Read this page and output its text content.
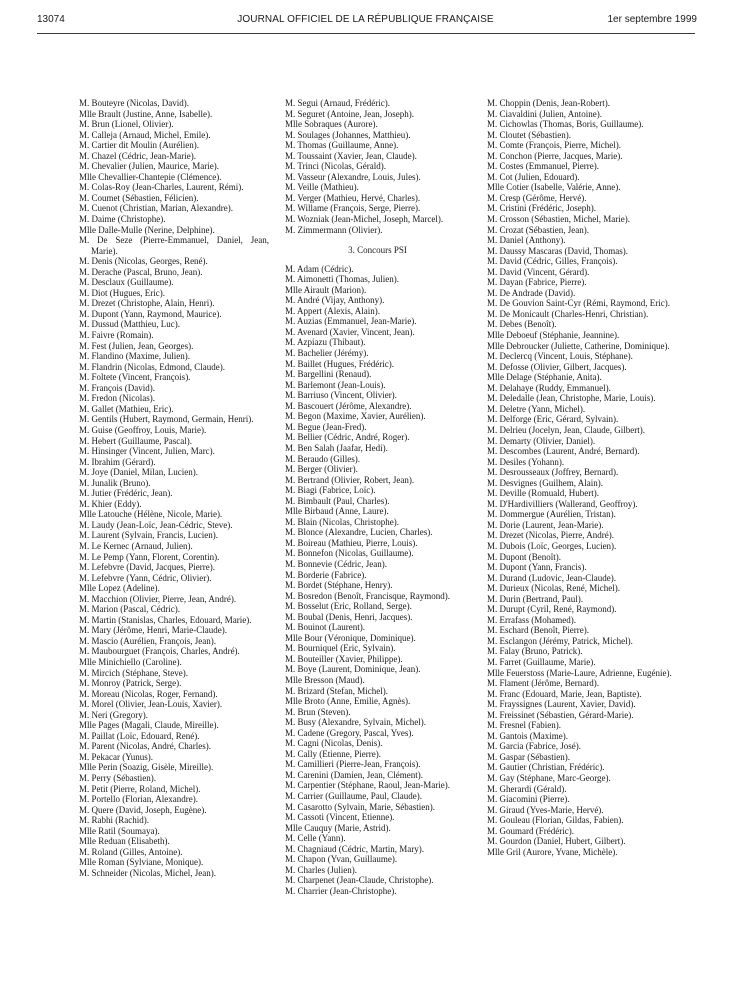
13074	JOURNAL OFFICIEL DE LA RÉPUBLIQUE FRANÇAISE	1er septembre 1999
M. Bouteyre (Nicolas, David).
Mlle Brault (Justine, Anne, Isabelle).
M. Brun (Lionel, Olivier).
M. Calleja (Arnaud, Michel, Emile).
M. Cartier dit Moulin (Aurélien).
M. Chazel (Cédric, Jean-Marie).
M. Chevalier (Julien, Maurice, Marie).
Mlle Chevallier-Chantepie (Clémence).
M. Colas-Roy (Jean-Charles, Laurent, Rémi).
M. Coumet (Sébastien, Félicien).
M. Cuenot (Christian, Marian, Alexandre).
M. Daime (Christophe).
Mlle Dalle-Mulle (Nerine, Delphine).
M. De Seze (Pierre-Emmanuel, Daniel, Jean, Marie).
M. Denis (Nicolas, Georges, René).
M. Derache (Pascal, Bruno, Jean).
M. Desclaux (Guillaume).
M. Diot (Hugues, Eric).
M. Drezet (Christophe, Alain, Henri).
M. Dupont (Yann, Raymond, Maurice).
M. Dussud (Matthieu, Luc).
M. Faivre (Romain).
M. Fest (Julien, Jean, Georges).
M. Flandino (Maxime, Julien).
M. Flandrin (Nicolas, Edmond, Claude).
M. Foltete (Vincent, François).
M. François (David).
M. Fredon (Nicolas).
M. Gallet (Mathieu, Eric).
M. Gentils (Hubert, Raymond, Germain, Henri).
M. Guise (Geoffroy, Louis, Marie).
M. Hebert (Guillaume, Pascal).
M. Hinsinger (Vincent, Julien, Marc).
M. Ibrahim (Gérard).
M. Joye (Daniel, Milan, Lucien).
M. Junalik (Bruno).
M. Jutier (Frédéric, Jean).
M. Khier (Eddy).
Mlle Latouche (Hélène, Nicole, Marie).
M. Laudy (Jean-Loïc, Jean-Cédric, Steve).
M. Laurent (Sylvain, Francis, Lucien).
M. Le Kernec (Arnaud, Julien).
M. Le Pemp (Yann, Florent, Corentin).
M. Lefebvre (David, Jacques, Pierre).
M. Lefebvre (Yann, Cédric, Olivier).
Mlle Lopez (Adeline).
M. Macchion (Olivier, Pierre, Jean, André).
M. Marion (Pascal, Cédric).
M. Martin (Stanislas, Charles, Edouard, Marie).
M. Mary (Jérôme, Henri, Marie-Claude).
M. Mascio (Aurélien, François, Jean).
M. Maubourguet (François, Charles, André).
Mlle Minichiello (Caroline).
M. Mircich (Stéphane, Steve).
M. Monroy (Patrick, Serge).
M. Moreau (Nicolas, Roger, Fernand).
M. Morel (Olivier, Jean-Louis, Xavier).
M. Neri (Gregory).
Mlle Pages (Magali, Claude, Mireille).
M. Paillat (Loïc, Edouard, René).
M. Parent (Nicolas, André, Charles).
M. Pekacar (Yunus).
Mlle Perin (Soazig, Gisèle, Mireille).
M. Perry (Sébastien).
M. Petit (Pierre, Roland, Michel).
M. Portello (Florian, Alexandre).
M. Quere (David, Joseph, Eugène).
M. Rabhi (Rachid).
Mlle Ratil (Soumaya).
Mlle Reduan (Elisabeth).
M. Roland (Gilles, Antoine).
Mlle Roman (Sylviane, Monique).
M. Schneider (Nicolas, Michel, Jean).
M. Segui (Arnaud, Frédéric).
M. Seguret (Antoine, Jean, Joseph).
Mlle Sobraques (Aurore).
M. Soulages (Johannes, Matthieu).
M. Thomas (Guillaume, Anne).
M. Toussaint (Xavier, Jean, Claude).
M. Trinci (Nicolas, Gérald).
M. Vasseur (Alexandre, Louis, Jules).
M. Veille (Mathieu).
M. Verger (Mathieu, Hervé, Charles).
M. Willame (François, Serge, Pierre).
M. Wozniak (Jean-Michel, Joseph, Marcel).
M. Zimmermann (Olivier).
3. Concours PSI
M. Adam (Cédric).
M. Aimonetti (Thomas, Julien).
Mlle Airault (Marion).
M. André (Vijay, Anthony).
M. Appert (Alexis, Alain).
M. Auzias (Emmanuel, Jean-Marie).
M. Avenard (Xavier, Vincent, Jean).
M. Azpiazu (Thibaut).
M. Bachelier (Jérémy).
M. Baillet (Hugues, Frédéric).
M. Bargellini (Renaud).
M. Barlemont (Jean-Louis).
M. Barriuso (Vincent, Olivier).
M. Bascouert (Jérôme, Alexandre).
M. Begon (Maxime, Xavier, Aurélien).
M. Begue (Jean-Fred).
M. Bellier (Cédric, André, Roger).
M. Ben Salah (Jaafar, Hedi).
M. Beraudo (Gilles).
M. Berger (Olivier).
M. Bertrand (Olivier, Robert, Jean).
M. Biagi (Fabrice, Loïc).
M. Bimbault (Paul, Charles).
Mlle Birbaud (Anne, Laure).
M. Blain (Nicolas, Christophe).
M. Blonce (Alexandre, Lucien, Charles).
M. Boireau (Mathieu, Pierre, Louis).
M. Bonnefon (Nicolas, Guillaume).
M. Bonnevie (Cédric, Jean).
M. Borderie (Fabrice).
M. Bordet (Stéphane, Henry).
M. Bosredon (Benoît, Francisque, Raymond).
M. Bosselut (Eric, Rolland, Serge).
M. Boubal (Denis, Henri, Jacques).
M. Bouinot (Laurent).
Mlle Bour (Véronique, Dominique).
M. Bourniquel (Eric, Sylvain).
M. Bouteiller (Xavier, Philippe).
M. Boye (Laurent, Dominique, Jean).
Mlle Bresson (Maud).
M. Brizard (Stefan, Michel).
Mlle Broto (Anne, Emilie, Agnès).
M. Brun (Steven).
M. Busy (Alexandre, Sylvain, Michel).
M. Cadene (Gregory, Pascal, Yves).
M. Cagni (Nicolas, Denis).
M. Cally (Etienne, Pierre).
M. Camillieri (Pierre-Jean, François).
M. Carenini (Damien, Jean, Clément).
M. Carpentier (Stéphane, Raoul, Jean-Marie).
M. Carrier (Guillaume, Paul, Claude).
M. Casarotto (Sylvain, Marie, Sébastien).
M. Cassoti (Vincent, Etienne).
Mlle Cauquy (Marie, Astrid).
M. Celle (Yann).
M. Chagniaud (Cédric, Martin, Mary).
M. Chapon (Yvan, Guillaume).
M. Charles (Julien).
M. Charpenet (Jean-Claude, Christophe).
M. Charrier (Jean-Christophe).
M. Choppin (Denis, Jean-Robert).
M. Ciavaldini (Julien, Antoine).
M. Cichowlas (Thomas, Boris, Guillaume).
M. Cloutet (Sébastien).
M. Comte (François, Pierre, Michel).
M. Conchon (Pierre, Jacques, Marie).
M. Costes (Emmanuel, Pierre).
M. Cot (Julien, Edouard).
Mlle Cotier (Isabelle, Valérie, Anne).
M. Cresp (Gérôme, Hervé).
M. Cristini (Frédéric, Joseph).
M. Crosson (Sébastien, Michel, Marie).
M. Crozat (Sébastien, Jean).
M. Daniel (Anthony).
M. Daussy Mascaras (David, Thomas).
M. David (Cédric, Gilles, François).
M. David (Vincent, Gérard).
M. Dayan (Fabrice, Pierre).
M. De Andrade (David).
M. De Gouvion Saint-Cyr (Rémi, Raymond, Eric).
M. De Monicault (Charles-Henri, Christian).
M. Debes (Benoît).
Mlle Deboeuf (Stéphanie, Jeannine).
Mlle Debroucker (Juliette, Catherine, Dominique).
M. Declercq (Vincent, Louis, Stéphane).
M. Defosse (Olivier, Gilbert, Jacques).
Mlle Delage (Stéphanie, Anita).
M. Delahaye (Ruddy, Emmanuel).
M. Deledalle (Jean, Christophe, Marie, Louis).
M. Deletre (Yann, Michel).
M. Delforge (Eric, Gérard, Sylvain).
M. Delrieu (Jocelyn, Jean, Claude, Gilbert).
M. Demarty (Olivier, Daniel).
M. Descombes (Laurent, André, Bernard).
M. Desiles (Yohann).
M. Desrousseaux (Joffrey, Bernard).
M. Desvignes (Guilhem, Alain).
M. Deville (Romuald, Hubert).
M. D'Hardivilliers (Wallerand, Geoffroy).
M. Dommergue (Aurélien, Tristan).
M. Dorie (Laurent, Jean-Marie).
M. Drezet (Nicolas, Pierre, André).
M. Dubois (Loïc, Georges, Lucien).
M. Dupont (Benoît).
M. Dupont (Yann, Francis).
M. Durand (Ludovic, Jean-Claude).
M. Durieux (Nicolas, René, Michel).
M. Durin (Bertrand, Paul).
M. Durupt (Cyril, René, Raymond).
M. Errafass (Mohamed).
M. Eschard (Benoît, Pierre).
M. Esclangon (Jérémy, Patrick, Michel).
M. Falay (Bruno, Patrick).
M. Farret (Guillaume, Marie).
Mlle Feuerstoss (Marie-Laure, Adrienne, Eugénie).
M. Flament (Jérôme, Bernard).
M. Franc (Edouard, Marie, Jean, Baptiste).
M. Frayssignes (Laurent, Xavier, David).
M. Freissinet (Sébastien, Gérard-Marie).
M. Fresnel (Fabien).
M. Gantois (Maxime).
M. Garcia (Fabrice, José).
M. Gaspar (Sébastien).
M. Gautier (Christian, Frédéric).
M. Gay (Stéphane, Marc-George).
M. Gherardi (Gérald).
M. Giacomini (Pierre).
M. Giraud (Yves-Marie, Hervé).
M. Gouleau (Florian, Gildas, Fabien).
M. Goumard (Frédéric).
M. Gourdon (Daniel, Hubert, Gilbert).
Mlle Gril (Aurore, Yvane, Michèle).
